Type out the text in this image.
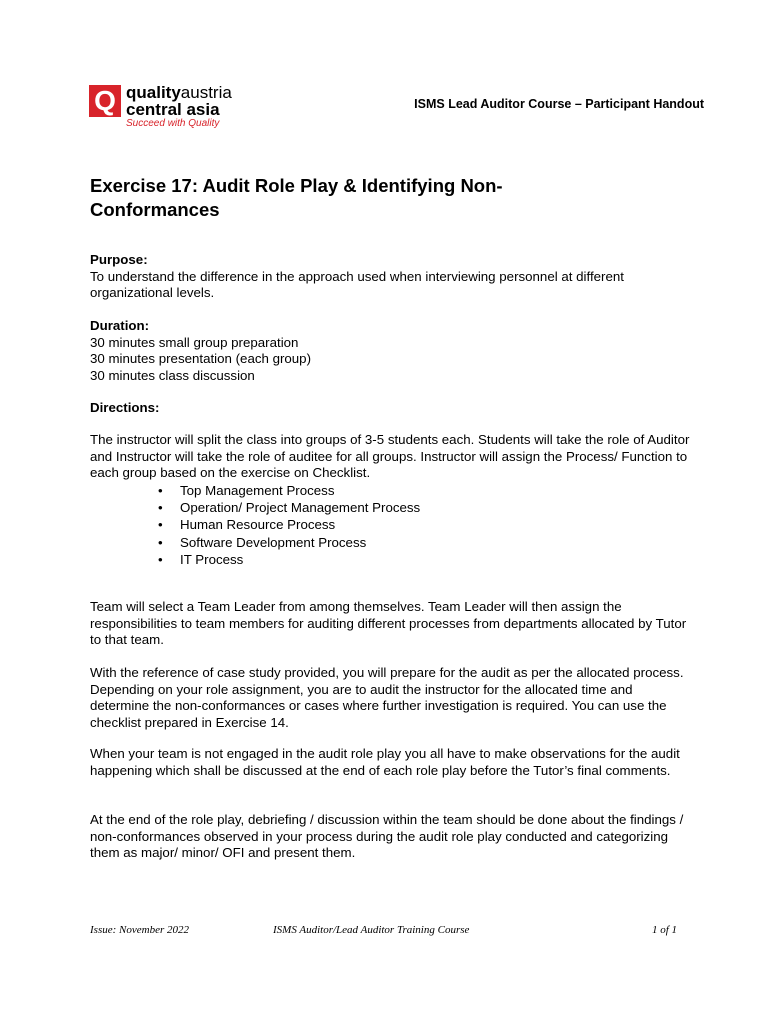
Q qualityaustria
central asia
Succeed with Quality
ISMS Lead Auditor Course – Participant Handout
Exercise 17: Audit Role Play & Identifying Non-
Conformances
Purpose:
To understand the difference in the approach used when interviewing personnel at different organizational levels.
Duration:
30 minutes small group preparation
30 minutes presentation (each group)
30 minutes class discussion
Directions:
The instructor will split the class into groups of 3-5 students each. Students will take the role of Auditor and Instructor will take the role of auditee for all groups. Instructor will assign the Process/ Function to each group based on the exercise on Checklist.
• Top Management Process
• Operation/ Project Management Process
• Human Resource Process
• Software Development Process
• IT Process
Team will select a Team Leader from among themselves. Team Leader will then assign the responsibilities to team members for auditing different processes from departments allocated by Tutor to that team.
With the reference of case study provided, you will prepare for the audit as per the allocated process. Depending on your role assignment, you are to audit the instructor for the allocated time and determine the non-conformances or cases where further investigation is required. You can use the checklist prepared in Exercise 14.
When your team is not engaged in the audit role play you all have to make observations for the audit happening which shall be discussed at the end of each role play before the Tutor’s final comments.
At the end of the role play, debriefing / discussion within the team should be done about the findings / non-conformances observed in your process during the audit role play conducted and categorizing them as major/ minor/ OFI and present them.
Issue: November 2022	ISMS Auditor/Lead Auditor Training Course	1 of 1
